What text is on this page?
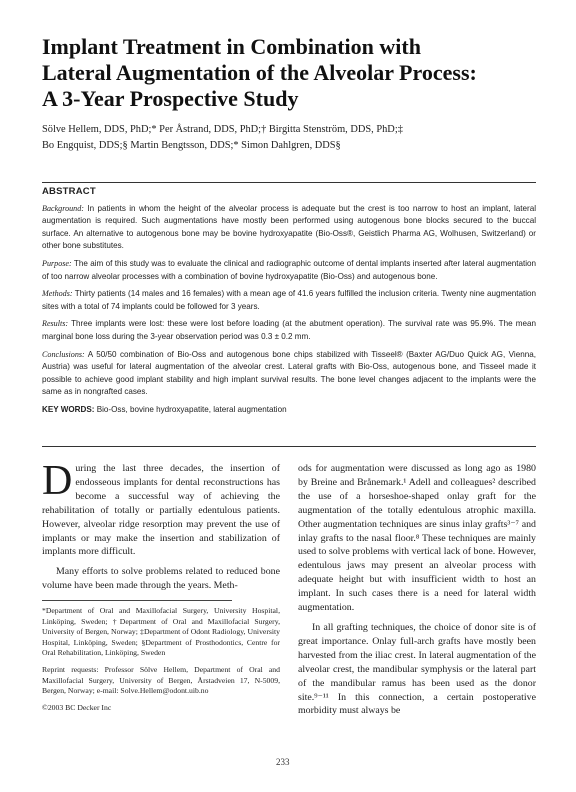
Implant Treatment in Combination with
Lateral Augmentation of the Alveolar Process:
A 3-Year Prospective Study
Sölve Hellem, DDS, PhD;* Per Åstrand, DDS, PhD;† Birgitta Stenström, DDS, PhD;‡
Bo Engquist, DDS;§ Martin Bengtsson, DDS;* Simon Dahlgren, DDS§
ABSTRACT

Background: In patients in whom the height of the alveolar process is adequate but the crest is too narrow to host an implant, lateral augmentation is required. Such augmentations have mostly been performed using autogenous bone blocks secured to the buccal surface. An alternative to autogenous bone may be bovine hydroxyapatite (Bio-Oss®, Geistlich Pharma AG, Wolhusen, Switzerland) or other bone substitutes.

Purpose: The aim of this study was to evaluate the clinical and radiographic outcome of dental implants inserted after lateral augmentation of too narrow alveolar processes with a combination of bovine hydroxyapatite (Bio-Oss) and autogenous bone.

Methods: Thirty patients (14 males and 16 females) with a mean age of 41.6 years fulfilled the inclusion criteria. Twenty nine augmentation sites with a total of 74 implants could be followed for 3 years.

Results: Three implants were lost: these were lost before loading (at the abutment operation). The survival rate was 95.9%. The mean marginal bone loss during the 3-year observation period was 0.3 ± 0.2 mm.

Conclusions: A 50/50 combination of Bio-Oss and autogenous bone chips stabilized with Tisseel® (Baxter AG/Duo Quick AG, Vienna, Austria) was useful for lateral augmentation of the alveolar crest. Lateral grafts with Bio-Oss, autogenous bone, and Tisseel made it possible to achieve good implant stability and high implant survival results. The bone level changes adjacent to the implants were the same as in nongrafted cases.

KEY WORDS: Bio-Oss, bovine hydroxyapatite, lateral augmentation

During the last three decades, the insertion of endosseous implants for dental reconstructions has become a successful way of achieving the rehabilitation of totally or partially edentulous patients. However, alveolar ridge resorption may prevent the use of implants or may make the insertion and stabilization of implants more difficult.

Many efforts to solve problems related to reduced bone volume have been made through the years. Meth-

*Department of Oral and Maxillofacial Surgery, University Hospital, Linköping, Sweden; †Department of Oral and Maxillofacial Surgery, University of Bergen, Norway; ‡Department of Odont Radiology, University Hospital, Linköping, Sweden; §Department of Prosthodontics, Centre for Oral Rehabilitation, Linköping, Sweden

Reprint requests: Professor Sölve Hellem, Department of Oral and Maxillofacial Surgery, University of Bergen, Årstadveien 17, N-5009, Bergen, Norway; e-mail: Solve.Hellem@odont.uib.no

©2003 BC Decker Inc

ods for augmentation were discussed as long ago as 1980 by Breine and Brånemark.¹ Adell and colleagues² described the use of a horseshoe-shaped onlay graft for the augmentation of the totally edentulous atrophic maxilla. Other augmentation techniques are sinus inlay grafts³⁻⁷ and inlay grafts to the nasal floor.⁸ These techniques are mainly used to solve problems with vertical lack of bone. However, edentulous jaws may present an alveolar process with adequate height but with insufficient width to host an implant. In such cases there is a need for lateral width augmentation.

In all grafting techniques, the choice of donor site is of great importance. Onlay full-arch grafts have mostly been harvested from the iliac crest. In lateral augmentation of the alveolar crest, the mandibular symphysis or the lateral part of the mandibular ramus has been used as the donor site.⁹⁻¹¹ In this connection, a certain postoperative morbidity must always be

233
